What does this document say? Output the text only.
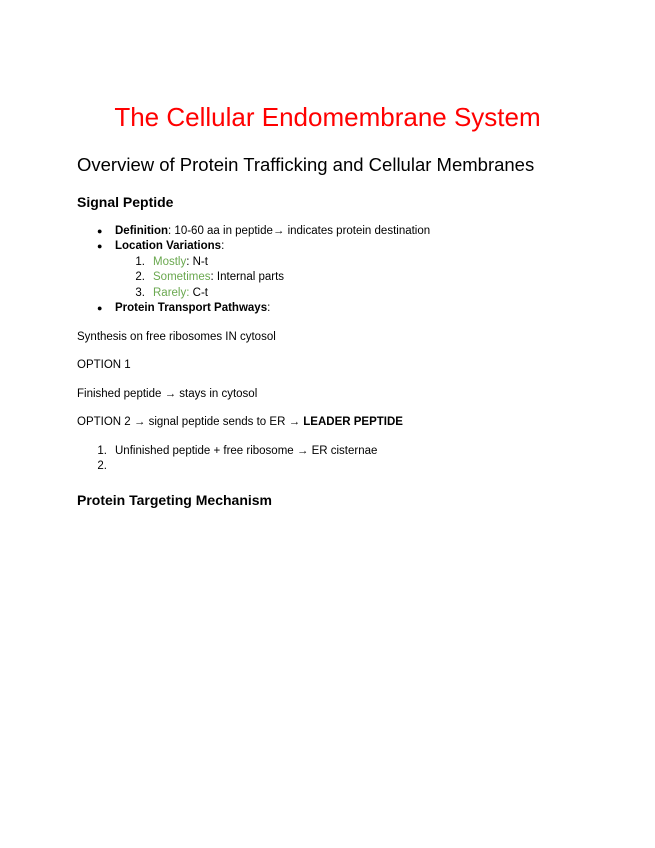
The Cellular Endomembrane System
Overview of Protein Trafficking and Cellular Membranes
Signal Peptide
● Definition: 10-60 aa in peptide→ indicates protein destination
● Location Variations:
1. Mostly: N-t
2. Sometimes: Internal parts
3. Rarely: C-t
● Protein Transport Pathways:
Synthesis on free ribosomes IN cytosol
OPTION 1
Finished peptide → stays in cytosol
OPTION 2 → signal peptide sends to ER → LEADER PEPTIDE
1. Unfinished peptide + free ribosome → ER cisternae
2.
Protein Targeting Mechanism
